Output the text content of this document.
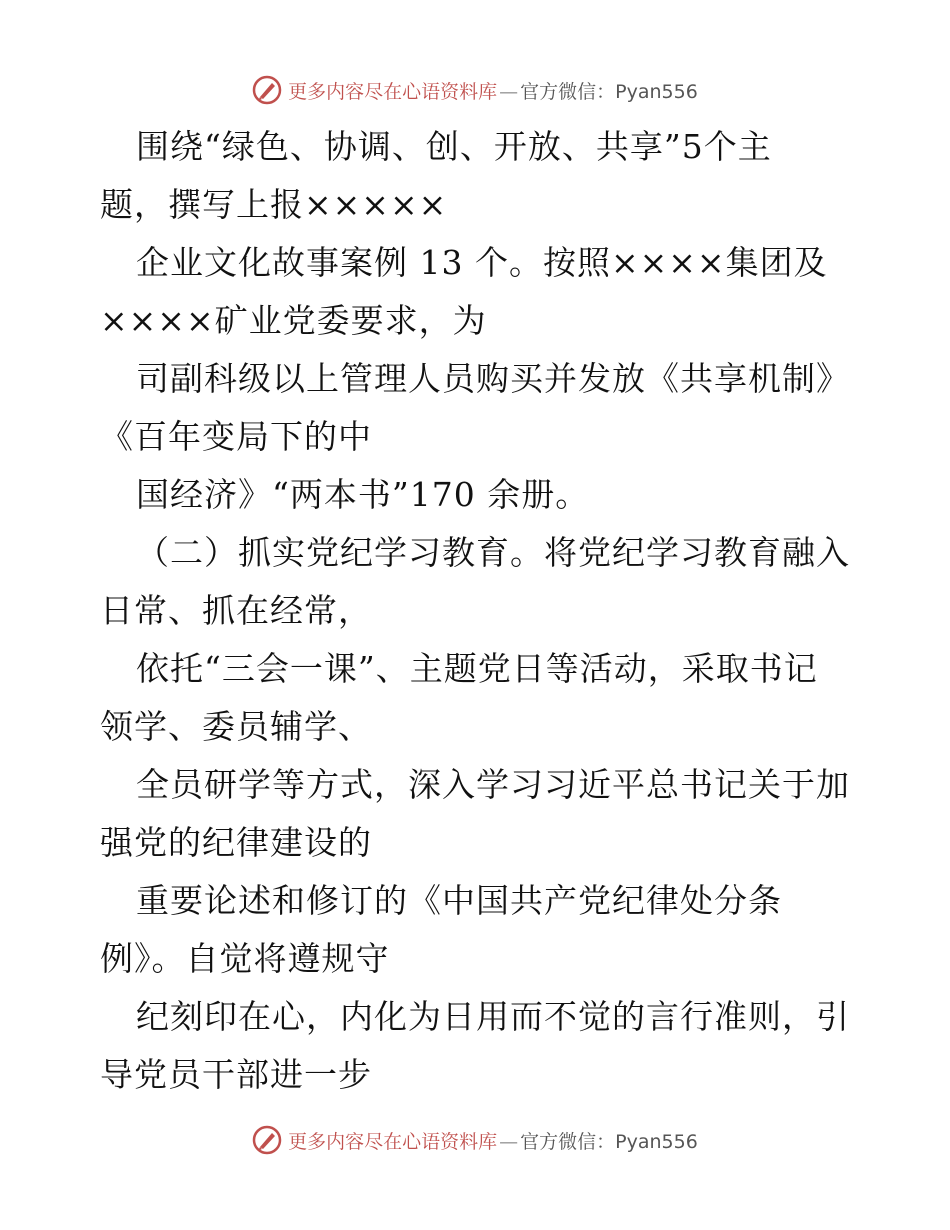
更多内容尽在心语资料库 — 官方微信：Pyan556
围绕“绿色、协调、创、开放、共享”5个主
题，撰写上报×××××
企业文化故事案例 13 个。按照××××集团及
××××矿业党委要求，为
司副科级以上管理人员购买并发放《共享机制》
《百年变局下的中
国经济》“两本书”170 余册。
（二）抓实党纪学习教育。将党纪学习教育融入
日常、抓在经常，
依托“三会一课”、主题党日等活动，采取书记
领学、委员辅学、
全员研学等方式，深入学习习近平总书记关于加
强党的纪律建设的
重要论述和修订的《中国共产党纪律处分条
例》。自觉将遵规守
纪刻印在心，内化为日用而不觉的言行准则，引
导党员干部进一步
更多内容尽在心语资料库 — 官方微信：Pyan556
